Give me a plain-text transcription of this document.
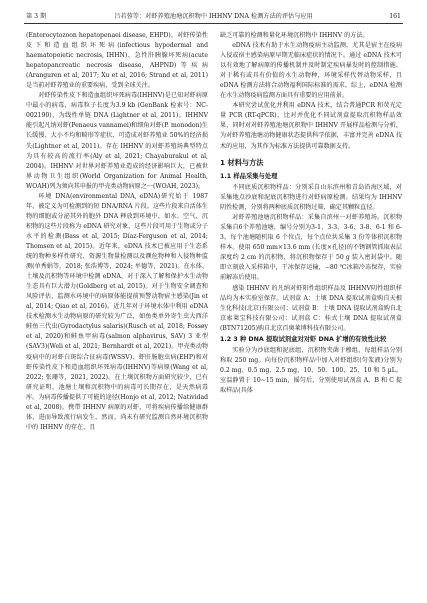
第 3 期	吕若蓉等：对虾养殖池塘沉积物中 IHHNV DNA 检测方法的评估与应用	161

(Enterocytozoon hepatopenaei disease, EHPD)、对虾传染性皮下和造血组织坏死病(infectious hypodermal and haematopoietic necrosis, IHHN)、急性肝胰腺坏死病(acute hepatopancreatic necrosis disease, AHPND)等疾病(Aranguren et al, 2017; Xu et al, 2016; Strand et al, 2011)是当前对虾养殖业的重要疾病，受到全球关注。

对虾传染性皮下和造血组织坏死病毒(IHHNV)是已知对虾病原中最小的病毒，病毒粒子长度为3.9 kb (GenBank 检索号：NC-002190)，为线性单链 DNA (Lightner et al, 2011)。IHHNV 能引起凡纳对虾(Penaeus vannamei)和细角对虾(P. monodon)生长缓慢、大小不均和畸形等症状，可造成对虾养殖业 50%的经济损失(Lightner et al, 2011)。存在 IHHNV 的对虾养殖场典型特点为具有较高的流行率(Aly et al, 2021; Chayaburakul et al, 2004)。IHHNV 对世界对虾养殖业造成的经济影响巨大，已被世界动物卫生组织(World Organization for Animal Health, WOAH)列为须向其申报的甲壳类动物病原之一(WOAH, 2023)。

环境 DNA(environmental DNA, eDNA)研究始于 1987 年，被定义为可检测到的短 DNA/RNA 片段。这些片段来自活体生物的细胞或分泌其外的胞外 DNA 释放到环境中，如水、空气、沉积物的这些片段称为 eDNA 研究对象，这些片段可用于生物或分子水平的检测(Bass et al, 2015; Díaz-Ferguson et al, 2014; Thomsen et al, 2015)。近年来，eDNA 技术已被应用于生态系统的物种多样性研究、资源生物量检测以及濒危物种和入侵物种监测(单秀娟等，2018; 张浩博等，2024; 牟德等，2021)。在水体、土壤及沉积物等环境中检测 eDNA，对于深入了解和保护水生动物生态具有巨大潜力(Goldberg et al, 2015)。对于生物安全调查和风险评估，监测水环境中的病原体能提前预警动物宿主感染(Jin et al, 2014; Qiao et al, 2016)。近几年对于环境水体中利用 eDNA 技术检测水生动物病原的研究较为广泛，如鱼类单外寄生虫大西洋鲑鱼三代虫(Gyrodactylus salaris)(Rusch et al, 2018; Fossøy et al, 2020)和鲑鱼甲病毒(salmon alphavirus, SAV) 3 亚型(SAV3)(Weli et al, 2021; Bernhardt et al, 2021)。甲壳类动物疫病中的对虾白斑综合征病毒(WSSV)、虾肝肠胞虫病(EHP)和对虾传染性皮下和造血组织坏死病毒(IHHNV)等病原(Wang et al, 2022; 张珊等，2021, 2022)。在土壤沉积物方面研究较少，已有研究证明，池塘土壤和沉积物中的病毒可长期存在，是天然病毒库。为病毒传播提供了可能的途径(Honjo et al, 2012; Natividad et al, 2008)。携带 IHHNV 病原的对虾，可将疾病传播给健康群体，进而导致流行病发生，然而，尚未有研究监测自然环境沉积物中的 IHHNV 的存在，且

缺乏可靠的检测和量化环境沉积物中 IHHNV 的方法。

eDNA 技术有助于水生动物疫病主动监测，尤其是宿主在疫病入侵或宿主感染病原早期无临床症状的情况下。通过 eDNA 技术可以有效地了解病原的传播机制并及时制定疾病暴发时的控制措施。对于稀有或具有价值的水生动物种，环境采样代替动物采样，且eDNA 检测方法将合动物福利国际标准的需求。综上，eDNA 检测在水生动物疫病监测方面具有重要的应用前景。

本研究尝试优化并利用 eDNA 技术，结合普通PCR 和荧光定量 PCR (RT-qPCR)，比对并优化不同试剂盒提取沉积物样品效果，同时对对虾养殖池塘沉积物中 IHHNV 开展样品检测与分析，为对虾养殖池塘动物健康状态提供科学依据，丰富并完善 eDNA 技术的应用，为其作为标准方法提供可靠数据支持。

1 材料与方法
1.1 样品采集与处理

不同底质沉积物样品：分别采自山东滨州和青岛沿海区域，对采集地点沙底和泥底沉积物进行对虾病原检测。结果均为 IHHNV 阴性检测，分别将两种底质沉积物过筛，确定其颗粒直径。

对虾养殖池塘沉积物样品：采集自滨州一对虾养殖场。沉积物采集自6个养殖池塘，编号分别为3-1、3-3、3-6、3-8、6-1 和 6-3。每个池塘随机取 6 个位点，每个点位共采集 3 份等体积沉积物样本。使用 650 mm×13.6 mm (长度×孔径)的不锈钢管抓取表层深度约 2 cm 的沉积物，将沉积物保存于 50 g 装入密封袋中。随即立刻放入采样箱中，干冰保存运输，−80 ℃冰箱冷冻保存，实验前解冻后使用。

感染 IHHNV 的凡纳对虾阳性组织样品及 IHHNV阴性组织样品均为本实验室保存。试剂盒 A：土壤 DNA 提取试剂盒购自天根生化科技(北京)有限公司；试剂盒 B：土壤 DNA 提取试剂盒购自北京索莱宝科技有限公司；试剂盒 C：桂式土壤 DNA 提取试剂盒(BTN71205)购自北京百奥莱博科技有限公司。

1.2 3 种 DNA 提取试剂盒对对虾 DNA 扩增的有效性比较

实验分为沙底组和泥底组，沉积物夹菌于穆组，每组样品分别称取 250 mg。向每份沉积物样品中加入对虾组织(匀浆液)分别为 0.2 mg、0.5 mg、2.5 mg、10、50、100、25、10 和 5 µL。室温静置于 10~15 min，摇匀后，分别使用试剂盒 A、B 和 C 提取样品(具体
